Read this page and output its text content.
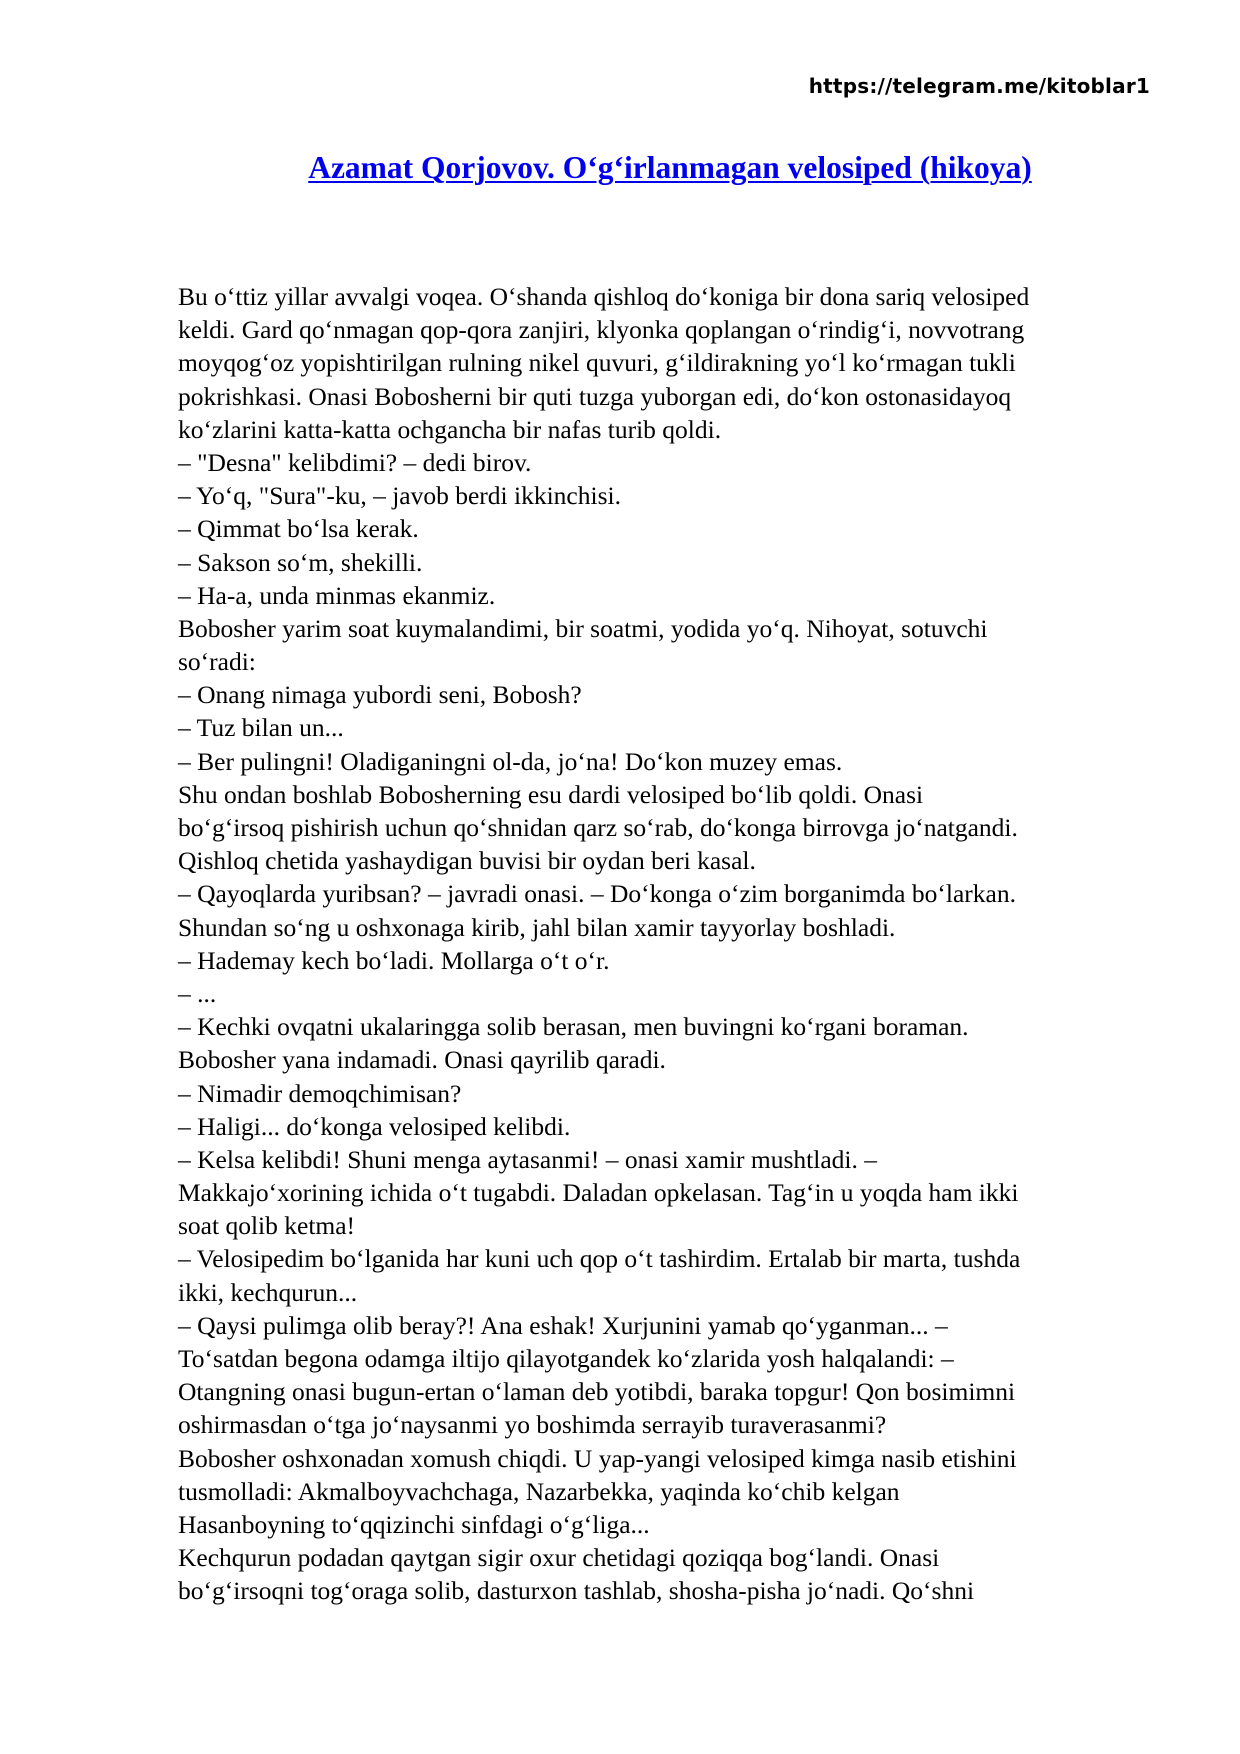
https://telegram.me/kitoblar1
Azamat Qorjovov. O‘g‘irlanmagan velosiped (hikoya)
Bu o‘ttiz yillar avvalgi voqea. O‘shanda qishloq do‘koniga bir dona sariq velosiped
keldi. Gard qo‘nmagan qop-qora zanjiri, klyonka qoplangan o‘rindig‘i, novvotrang
moyqog‘oz yopishtirilgan rulning nikel quvuri, g‘ildirakning yo‘l ko‘rmagan tukli
pokrishkasi. Onasi Bobosherni bir quti tuzga yuborgan edi, do‘kon ostonasidayoq
ko‘zlarini katta-katta ochgancha bir nafas turib qoldi.
– "Desna" kelibdimi? – dedi birov.
– Yo‘q, "Sura"-ku, – javob berdi ikkinchisi.
– Qimmat bo‘lsa kerak.
– Sakson so‘m, shekilli.
– Ha-a, unda minmas ekanmiz.
Bobosher yarim soat kuymalandimi, bir soatmi, yodida yo‘q. Nihoyat, sotuvchi
so‘radi:
– Onang nimaga yubordi seni, Bobosh?
– Tuz bilan un...
– Ber pulingni! Oladiganingni ol-da, jo‘na! Do‘kon muzey emas.
Shu ondan boshlab Bobosherning esu dardi velosiped bo‘lib qoldi. Onasi
bo‘g‘irsoq pishirish uchun qo‘shnidan qarz so‘rab, do‘konga birrovga jo‘natgandi.
Qishloq chetida yashaydigan buvisi bir oydan beri kasal.
– Qayoqlarda yuribsan? – javradi onasi. – Do‘konga o‘zim borganimda bo‘larkan.
Shundan so‘ng u oshxonaga kirib, jahl bilan xamir tayyorlay boshladi.
– Hademay kech bo‘ladi. Mollarga o‘t o‘r.
– ...
– Kechki ovqatni ukalaringga solib berasan, men buvingni ko‘rgani boraman.
Bobosher yana indamadi. Onasi qayrilib qaradi.
– Nimadir demoqchimisan?
– Haligi... do‘konga velosiped kelibdi.
– Kelsa kelibdi! Shuni menga aytasanmi! – onasi xamir mushtladi. –
Makkajo‘xorining ichida o‘t tugabdi. Daladan opkelasan. Tag‘in u yoqda ham ikki
soat qolib ketma!
– Velosipedim bo‘lganida har kuni uch qop o‘t tashirdim. Ertalab bir marta, tushda
ikki, kechqurun...
– Qaysi pulimga olib beray?! Ana eshak! Xurjunini yamab qo‘yganman... –
To‘satdan begona odamga iltijo qilayotgandek ko‘zlarida yosh halqalandi: –
Otangning onasi bugun-ertan o‘laman deb yotibdi, baraka topgur! Qon bosimimni
oshirmasdan o‘tga jo‘naysanmi yo boshimda serrayib turaverasanmi?
Bobosher oshxonadan xomush chiqdi. U yap-yangi velosiped kimga nasib etishini
tusmolladi: Akmalboyvachchaga, Nazarbekka, yaqinda ko‘chib kelgan
Hasanboyning to‘qqizinchi sinfdagi o‘g‘liga...
Kechqurun podadan qaytgan sigir oxur chetidagi qoziqqa bog‘landi. Onasi
bo‘g‘irsoqni tog‘oraga solib, dasturxon tashlab, shosha-pisha jo‘nadi. Qo‘shni
